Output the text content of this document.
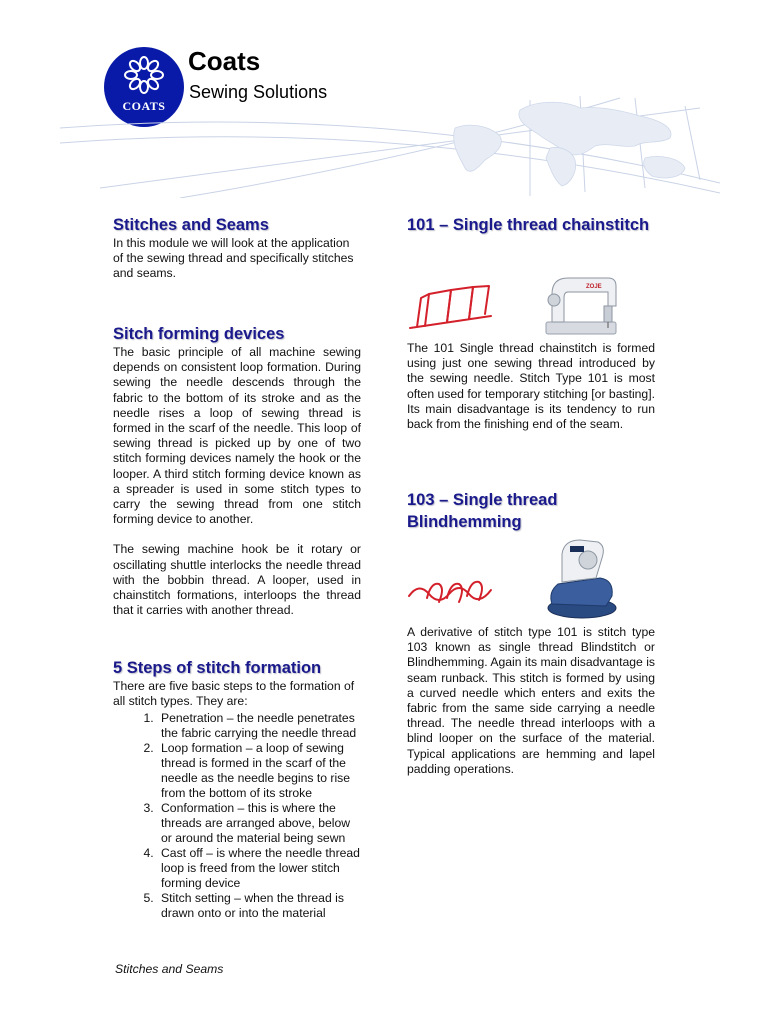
COATS
Coats
Sewing Solutions
Stitches and Seams

In this module we will look at the application of the sewing thread and specifically stitches and seams.

Sitch forming devices

The basic principle of all machine sewing depends on consistent loop formation. During sewing the needle descends through the fabric to the bottom of its stroke and as the needle rises a loop of sewing thread is formed in the scarf of the needle. This loop of sewing thread is picked up by one of two stitch forming devices namely the hook or the looper. A third stitch forming device known as a spreader is used in some stitch types to carry the sewing thread from one stitch forming device to another.

The sewing machine hook be it rotary or oscillating shuttle interlocks the needle thread with the bobbin thread. A looper, used in chainstitch formations, interloops the thread that it carries with another thread.

5 Steps of stitch formation

There are five basic steps to the formation of all stitch types. They are:

1. Penetration – the needle penetrates the fabric carrying the needle thread
2. Loop formation – a loop of sewing thread is formed in the scarf of the needle as the needle begins to rise from the bottom of its stroke
3. Conformation – this is where the threads are arranged above, below or around the material being sewn
4. Cast off – is where the needle thread loop is freed from the lower stitch forming device
5. Stitch setting – when the thread is drawn onto or into the material
101 – Single thread chainstitch
ZOJE

The 101 Single thread chainstitch is formed using just one sewing thread introduced by the sewing needle. Stitch Type 101 is most often used for temporary stitching [or basting]. Its main disadvantage is its tendency to run back from the finishing end of the seam.

103 – Single thread Blindhemming

A derivative of stitch type 101 is stitch type 103 known as single thread Blindstitch or Blindhemming. Again its main disadvantage is seam runback. This stitch is formed by using a curved needle which enters and exits the fabric from the same side carrying a needle thread. The needle thread interloops with a blind looper on the surface of the material. Typical applications are hemming and lapel padding operations.

Stitches and Seams
